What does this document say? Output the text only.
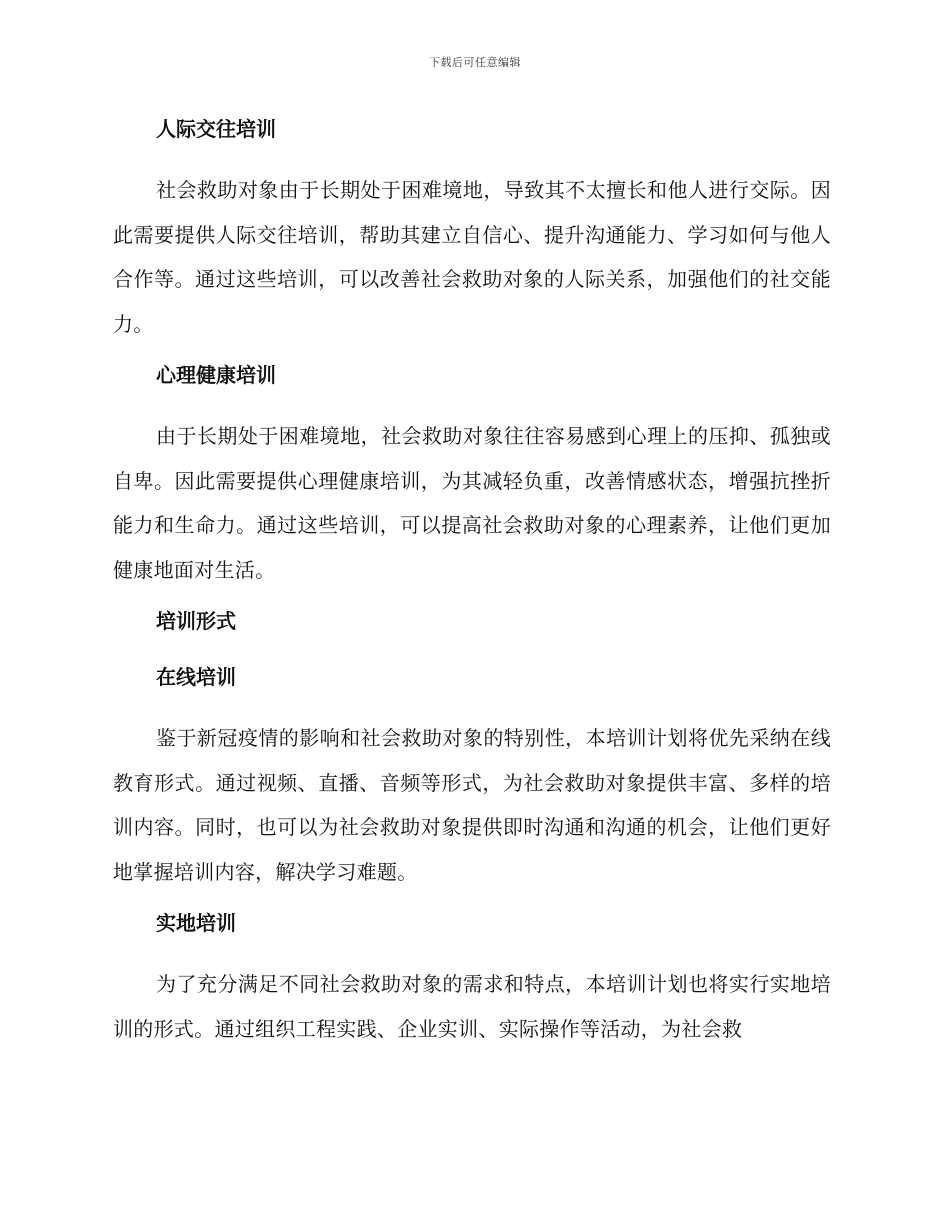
下载后可任意编辑
人际交往培训

社会救助对象由于长期处于困难境地，导致其不太擅长和他人进行交际。因此需要提供人际交往培训，帮助其建立自信心、提升沟通能力、学习如何与他人合作等。通过这些培训，可以改善社会救助对象的人际关系，加强他们的社交能力。

心理健康培训

由于长期处于困难境地，社会救助对象往往容易感到心理上的压抑、孤独或自卑。因此需要提供心理健康培训，为其减轻负重，改善情感状态，增强抗挫折能力和生命力。通过这些培训，可以提高社会救助对象的心理素养，让他们更加健康地面对生活。

培训形式
在线培训

鉴于新冠疫情的影响和社会救助对象的特别性，本培训计划将优先采纳在线教育形式。通过视频、直播、音频等形式，为社会救助对象提供丰富、多样的培训内容。同时，也可以为社会救助对象提供即时沟通和沟通的机会，让他们更好地掌握培训内容，解决学习难题。

实地培训

为了充分满足不同社会救助对象的需求和特点，本培训计划也将实行实地培训的形式。通过组织工程实践、企业实训、实际操作等活动，为社会救
